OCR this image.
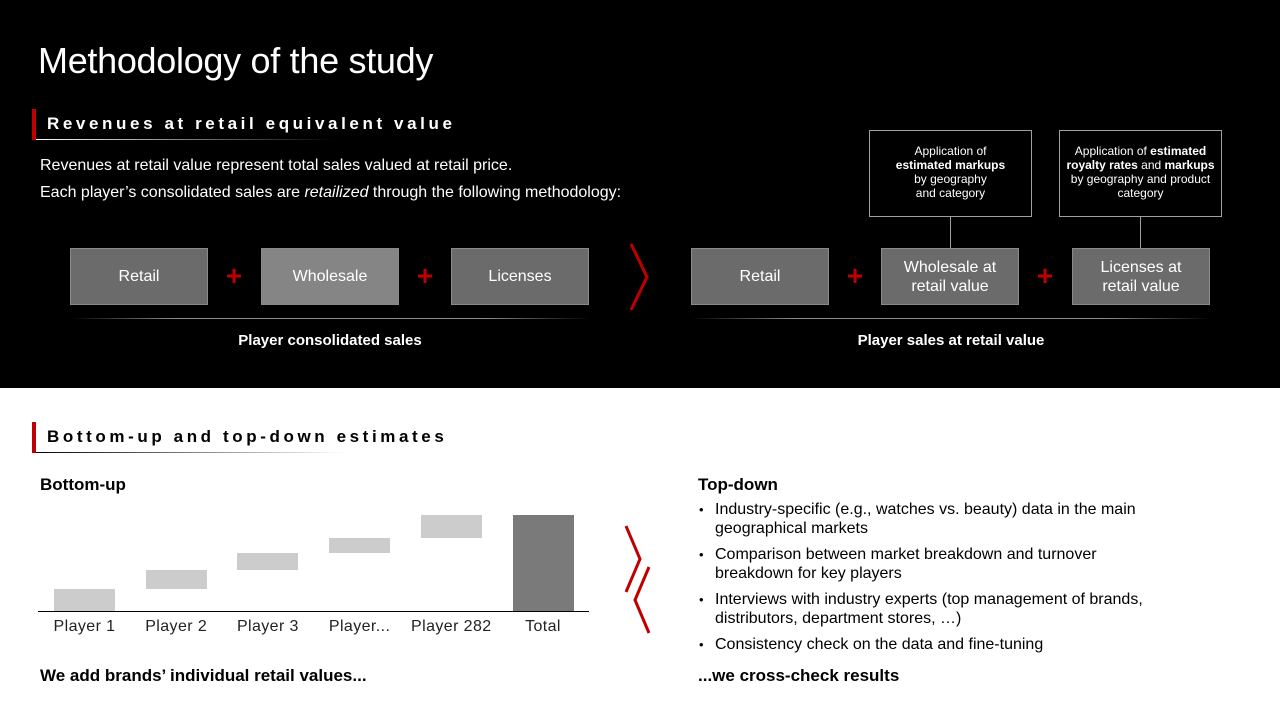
Methodology of the study
Revenues at retail equivalent value
Revenues at retail value represent total sales valued at retail price.
Each player’s consolidated sales are retailized through the following methodology:
Retail	+	Wholesale	+	Licenses
Player consolidated sales
Application of
estimated markups
by geography
and category
Application of estimated royalty rates and markups by geography and product category
Retail	+	Wholesale at retail value	+	Licenses at retail value
Player sales at retail value
Bottom-up and top-down estimates
Bottom-up
Player 1	Player 2	Player 3	Player...	Player 282	Total
We add brands’ individual retail values...
Top-down
• Industry-specific (e.g., watches vs. beauty) data in the main geographical markets
• Comparison between market breakdown and turnover breakdown for key players
• Interviews with industry experts (top management of brands, distributors, department stores, …)
• Consistency check on the data and fine-tuning
...we cross-check results
